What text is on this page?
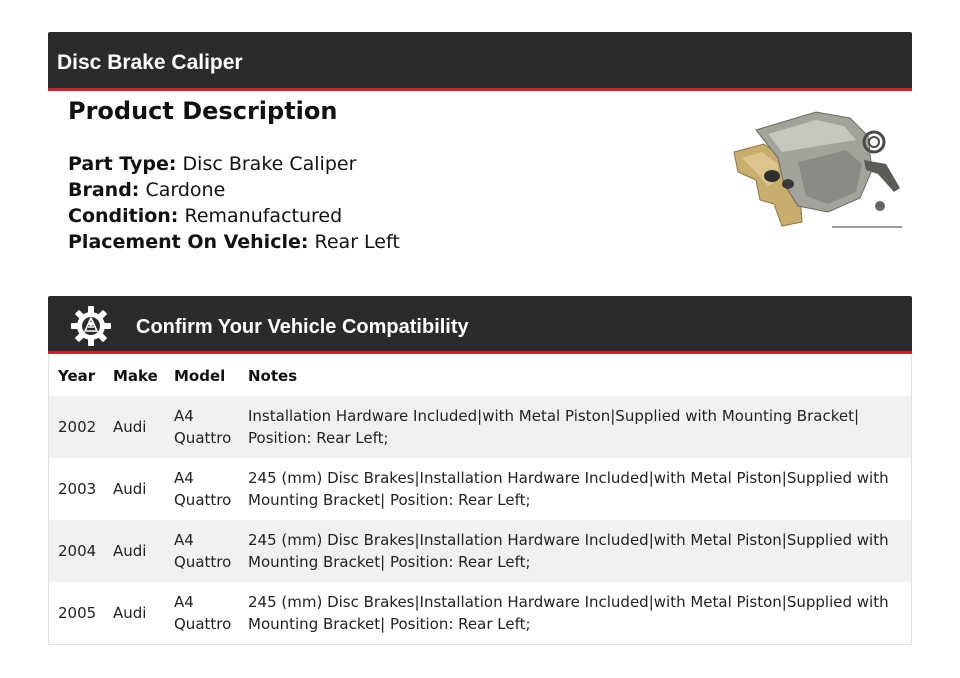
Disc Brake Caliper
Product Description
Part Type: Disc Brake Caliper
Brand: Cardone
Condition: Remanufactured
Placement On Vehicle: Rear Left
Confirm Your Vehicle Compatibility
Year Make Model	Notes
2002 Audi
A4 Quattro
Installation Hardware Included|with Metal Piston|Supplied with Mounting Bracket| Position: Rear Left;
2003 Audi
A4 Quattro
245 (mm) Disc Brakes|Installation Hardware Included|with Metal Piston|Supplied with Mounting Bracket| Position: Rear Left;
2004 Audi
A4 Quattro
245 (mm) Disc Brakes|Installation Hardware Included|with Metal Piston|Supplied with Mounting Bracket| Position: Rear Left;
2005 Audi
A4 Quattro
245 (mm) Disc Brakes|Installation Hardware Included|with Metal Piston|Supplied with Mounting Bracket| Position: Rear Left;
